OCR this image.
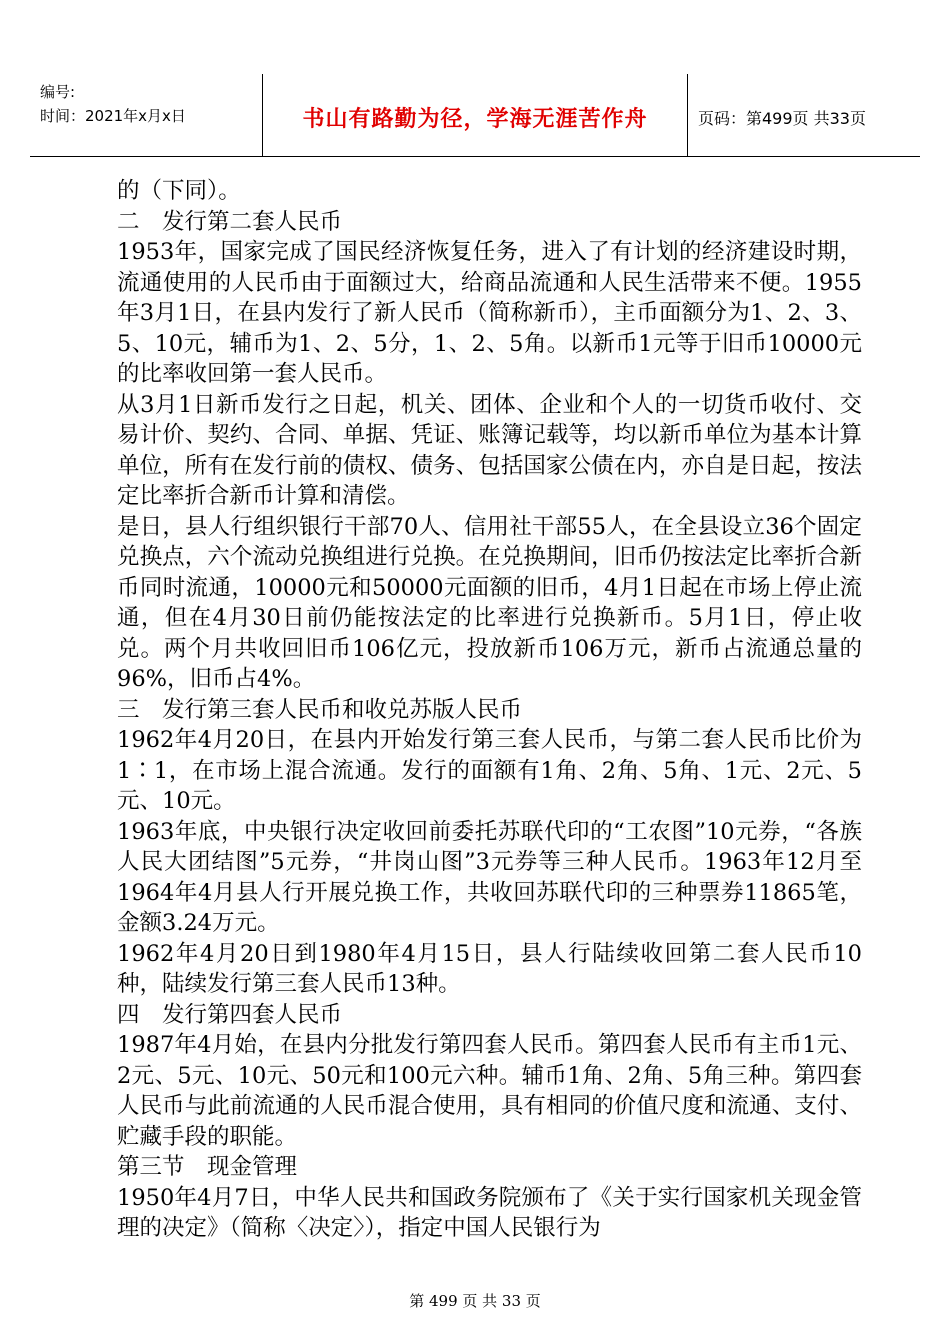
编号:
时间：2021年x月x日	书山有路勤为径，学海无涯苦作舟	页码：第499页 共33页

的（下同）。

二　发行第二套人民币

1953年，国家完成了国民经济恢复任务，进入了有计划的经济建设时期，流通使用的人民币由于面额过大，给商品流通和人民生活带来不便。1955年3月1日，在县内发行了新人民币（简称新币），主币面额分为1、2、3、5、10元，辅币为1、2、5分，1、2、5角。以新币1元等于旧币10000元的比率收回第一套人民币。

从3月1日新币发行之日起，机关、团体、企业和个人的一切货币收付、交易计价、契约、合同、单据、凭证、账簿记载等，均以新币单位为基本计算单位，所有在发行前的债权、债务、包括国家公债在内，亦自是日起，按法定比率折合新币计算和清偿。

是日，县人行组织银行干部70人、信用社干部55人，在全县设立36个固定兑换点，六个流动兑换组进行兑换。在兑换期间，旧币仍按法定比率折合新币同时流通，10000元和50000元面额的旧币，4月1日起在市场上停止流通，但在4月30日前仍能按法定的比率进行兑换新币。5月1日，停止收兑。两个月共收回旧币106亿元，投放新币106万元，新币占流通总量的96%，旧币占4%。

三　发行第三套人民币和收兑苏版人民币

1962年4月20日，在县内开始发行第三套人民币，与第二套人民币比价为1∶1，在市场上混合流通。发行的面额有1角、2角、5角、1元、2元、5元、10元。

1963年底，中央银行决定收回前委托苏联代印的“工农图”10元券，“各族人民大团结图”5元券，“井岗山图”3元券等三种人民币。1963年12月至1964年4月县人行开展兑换工作，共收回苏联代印的三种票券11865笔，金额3.24万元。

1962年4月20日到1980年4月15日，县人行陆续收回第二套人民币10种，陆续发行第三套人民币13种。

四　发行第四套人民币

1987年4月始，在县内分批发行第四套人民币。第四套人民币有主币1元、2元、5元、10元、50元和100元六种。辅币1角、2角、5角三种。第四套人民币与此前流通的人民币混合使用，具有相同的价值尺度和流通、支付、贮藏手段的职能。

第三节　现金管理

1950年4月7日，中华人民共和国政务院颁布了《关于实行国家机关现金管理的决定》（简称〈决定〉），指定中国人民银行为

第 499 页 共 33 页
